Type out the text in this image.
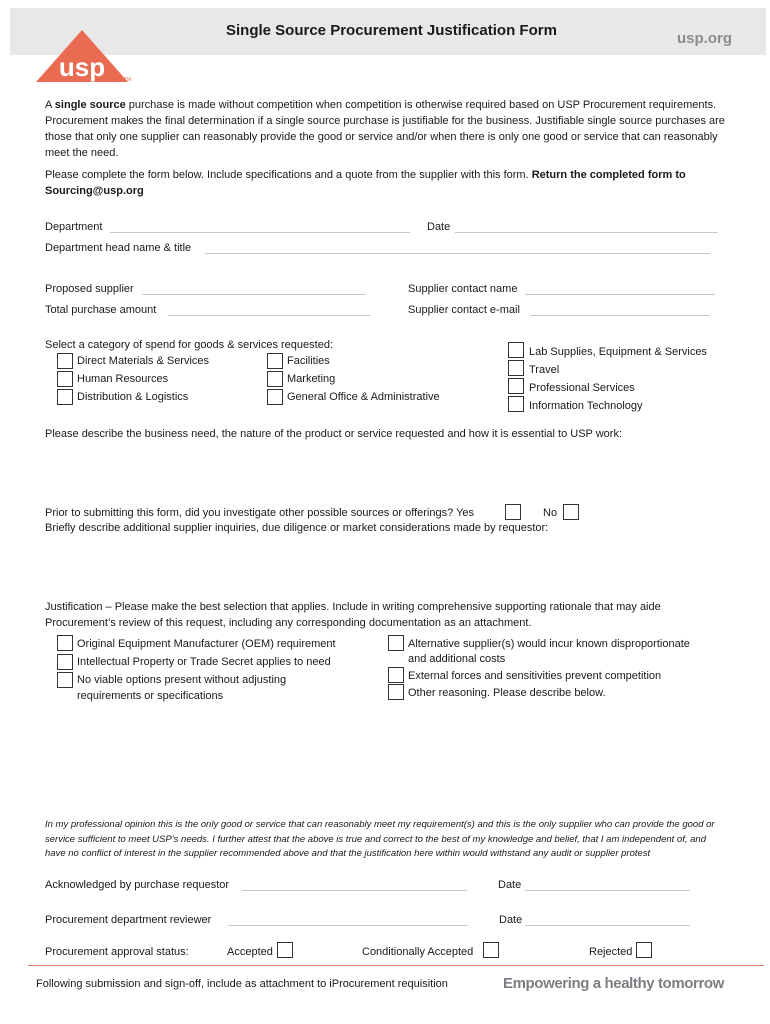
Single Source Procurement Justification Form	usp.org
usp	TM
A single source purchase is made without competition when competition is otherwise required based on USP Procurement requirements. Procurement makes the final determination if a single source purchase is justifiable for the business. Justifiable single source purchases are those that only one supplier can reasonably provide the good or service and/or when there is only one good or service that can reasonably meet the need.
Please complete the form below. Include specifications and a quote from the supplier with this form. Return the completed form to Sourcing@usp.org
Department	Date
Department head name & title
Proposed supplier	Supplier contact name
Total purchase amount	Supplier contact e-mail
Select a category of spend for goods & services requested:
Direct Materials & Services
Human Resources
Distribution & Logistics
Facilities
Marketing
General Office & Administrative
Lab Supplies, Equipment & Services
Travel
Professional Services
Information Technology
Please describe the business need, the nature of the product or service requested and how it is essential to USP work:
Prior to submitting this form, did you investigate other possible sources or offerings? Yes	No
Briefly describe additional supplier inquiries, due diligence or market considerations made by requestor:
Justification – Please make the best selection that applies. Include in writing comprehensive supporting rationale that may aide Procurement’s review of this request, including any corresponding documentation as an attachment.
Original Equipment Manufacturer (OEM) requirement
Intellectual Property or Trade Secret applies to need
No viable options present without adjusting
requirements or specifications
Alternative supplier(s) would incur known disproportionate
and additional costs
External forces and sensitivities prevent competition
Other reasoning. Please describe below.
In my professional opinion this is the only good or service that can reasonably meet my requirement(s) and this is the only supplier who can provide the good or service sufficient to meet USP’s needs. I further attest that the above is true and correct to the best of my knowledge and belief, that I am independent of, and have no conflict of interest in the supplier recommended above and that the justification here within would withstand any audit or supplier protest
Acknowledged by purchase requestor	Date
Procurement department reviewer	Date
Procurement approval status:	Accepted	Conditionally Accepted	Rejected
Following submission and sign-off, include as attachment to iProcurement requisition	Empowering a healthy tomorrow
